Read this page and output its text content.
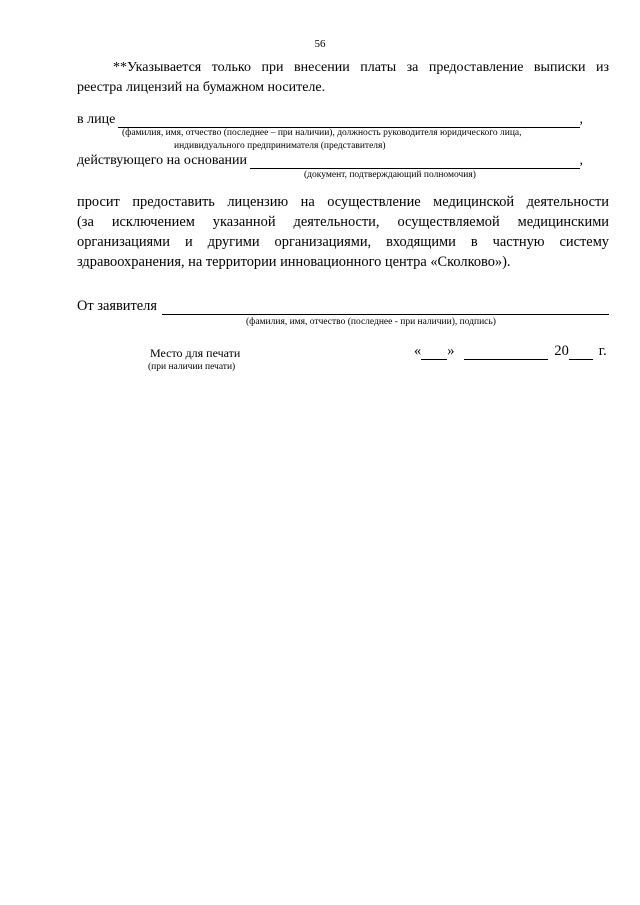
56
**Указывается только при внесении платы за предоставление выписки из
реестра лицензий на бумажном носителе.
в лице	,
(фамилия, имя, отчество (последнее – при наличии), должность руководителя юридического лица,
индивидуального предпринимателя (представителя)
действующего на основании	,
(документ, подтверждающий полномочия)
просит предоставить лицензию на осуществление медицинской деятельности
(за исключением указанной деятельности, осуществляемой медицинскими
организациями и другими организациями, входящими в частную систему
здравоохранения, на территории инновационного центра «Сколково»).
От заявителя
(фамилия, имя, отчество (последнее - при наличии), подпись)
Место для печати
(при наличии печати)
« »	20 г.
